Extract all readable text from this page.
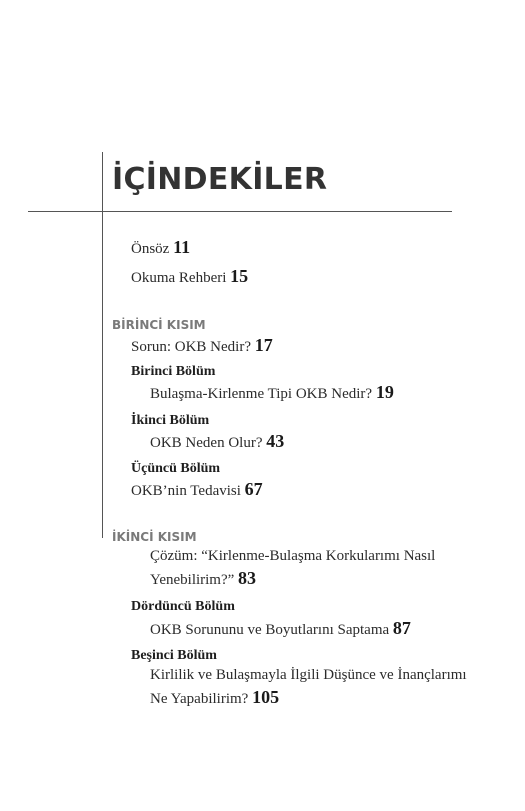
İÇİNDEKİLER
Önsöz 11
Okuma Rehberi 15
BİRİNCİ KISIM
Sorun: OKB Nedir? 17
Birinci Bölüm
Bulaşma-Kirlenme Tipi OKB Nedir? 19
İkinci Bölüm
OKB Neden Olur? 43
Üçüncü Bölüm
OKB’nin Tedavisi 67
İKİNCİ KISIM
Çözüm: “Kirlenme-Bulaşma Korkularımı Nasıl
Yenebilirim?” 83
Dördüncü Bölüm
OKB Sorununu ve Boyutlarını Saptama 87
Beşinci Bölüm
Kirlilik ve Bulaşmayla İlgili Düşünce ve İnançlarımı
Ne Yapabilirim? 105
